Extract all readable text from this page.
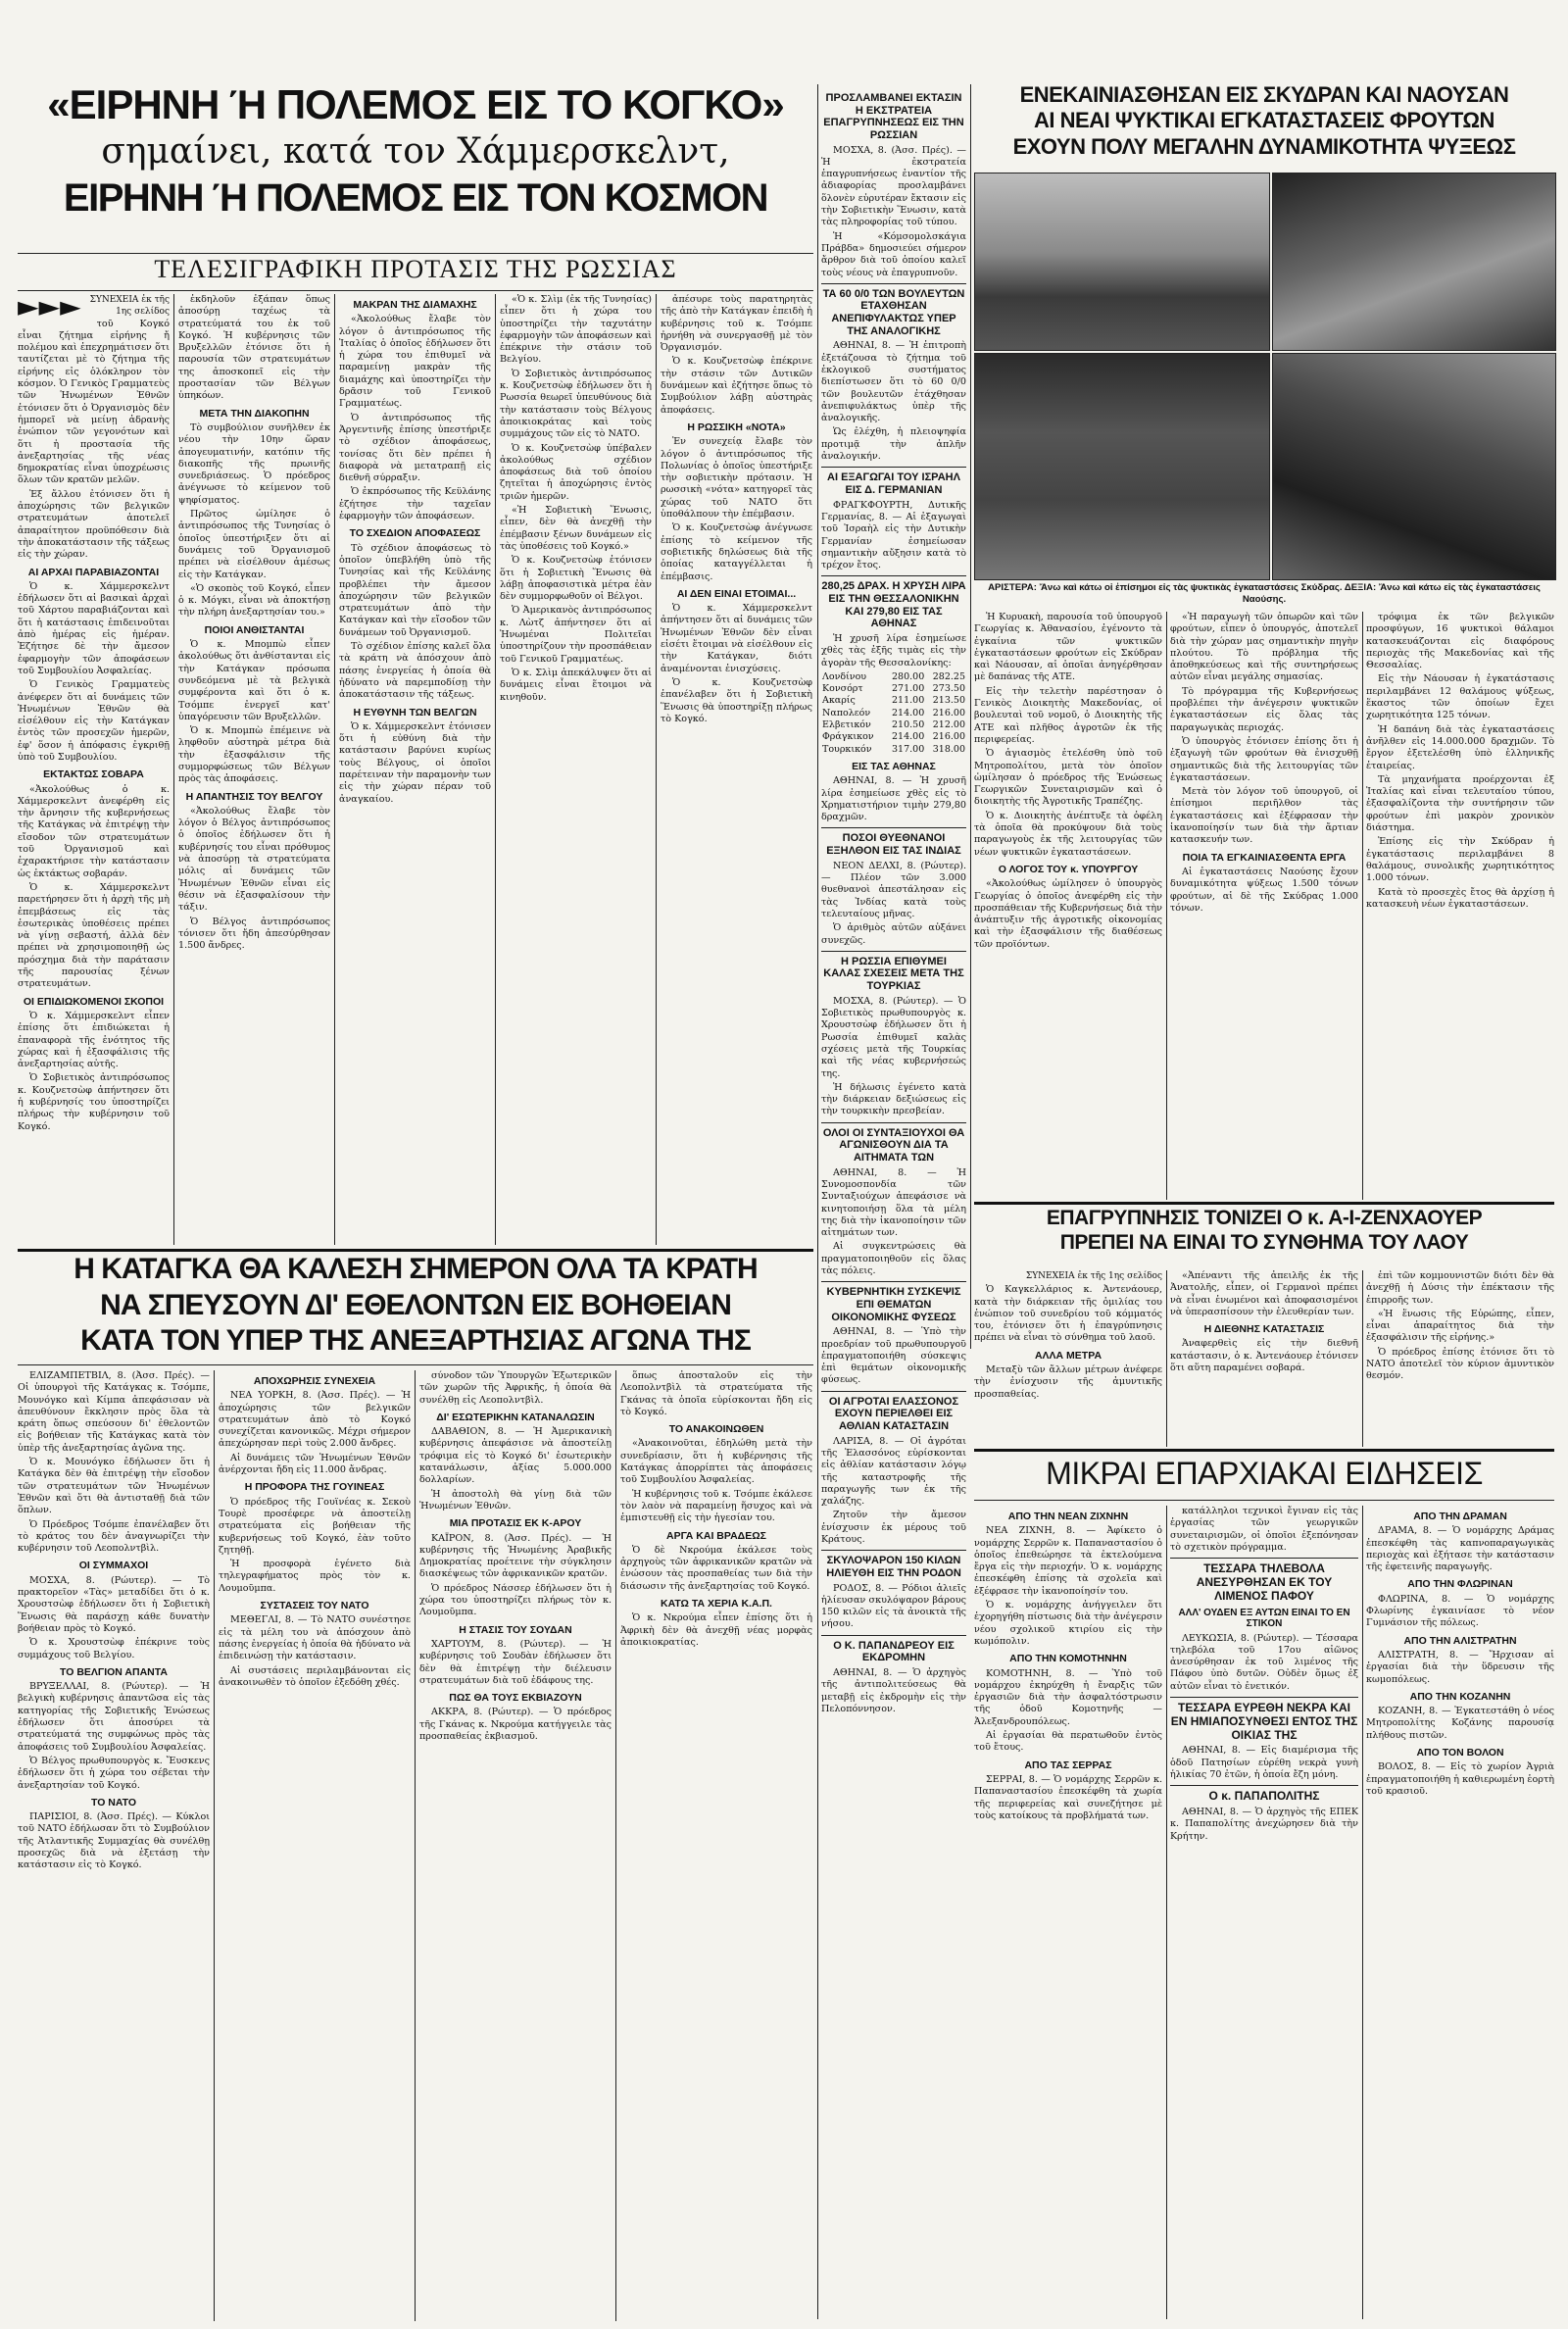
«ΕΙΡΗΝΗ Ή ΠΟΛΕΜΟΣ ΕΙΣ ΤΟ ΚΟΓΚΟ»
σημαίνει, κατά τον Χάμμερσκελντ,
ΕΙΡΗΝΗ Ή ΠΟΛΕΜΟΣ ΕΙΣ ΤΟΝ ΚΟΣΜΟΝ
ΤΕΛΕΣΙΓΡΑΦΙΚΗ ΠΡΟΤΑΣΙΣ ΤΗΣ ΡΩΣΣΙΑΣ
►►►	ΣΥΝΕΧΕΙΑ ἐκ τῆς 1ης σελίδος

τοῦ Κογκό εἶναι ζήτημα εἰρήνης ἤ πολέμου καὶ ἐπεχρημάτισεν ὅτι ταυτίζεται μὲ τὸ ζήτημα τῆς εἰρήνης εἰς ὁλόκληρον τὸν κόσμον. Ὁ Γενικὸς Γραμματεὺς τῶν Ἡνωμένων Ἐθνῶν ἐτόνισεν ὅτι ὁ Ὀργανισμὸς δὲν ἠμπορεῖ νὰ μείνῃ ἀδρανὴς ἐνώπιον τῶν γεγονότων καὶ ὅτι ἡ προστασία τῆς ἀνεξαρτησίας τῆς νέας δημοκρατίας εἶναι ὑποχρέωσις ὅλων τῶν κρατῶν μελῶν.

Ἐξ ἄλλου ἐτόνισεν ὅτι ἡ ἀποχώρησις τῶν βελγικῶν στρατευμάτων ἀποτελεῖ ἀπαραίτητον προϋπόθεσιν διὰ τὴν ἀποκατάστασιν τῆς τάξεως εἰς τὴν χώραν.

ΑΙ ΑΡΧΑΙ ΠΑΡΑΒΙΑΖΟΝΤΑΙ

Ὁ κ. Χάμμερσκελντ ἐδήλωσεν ὅτι αἱ βασικαὶ ἀρχαὶ τοῦ Χάρτου παραβιάζονται καὶ ὅτι ἡ κατάστασις ἐπιδεινοῦται ἀπὸ ἡμέρας εἰς ἡμέραν. Ἐζήτησε δὲ τὴν ἄμεσον ἐφαρμογὴν τῶν ἀποφάσεων τοῦ Συμβουλίου Ἀσφαλείας.

Ὁ Γενικὸς Γραμματεὺς ἀνέφερεν ὅτι αἱ δυνάμεις τῶν Ἡνωμένων Ἐθνῶν θὰ εἰσέλθουν εἰς τὴν Κατάγκαν ἐντὸς τῶν προσεχῶν ἡμερῶν, ἐφ' ὅσον ἡ ἀπόφασις ἐγκριθῇ ὑπὸ τοῦ Συμβουλίου.

ΕΚΤΑΚΤΩΣ ΣΟΒΑΡΑ

«Ἀκολούθως ὁ κ. Χάμμερσκελντ ἀνεφέρθη εἰς τὴν ἄρνησιν τῆς κυβερνήσεως τῆς Κατάγκας νὰ ἐπιτρέψῃ τὴν εἴσοδον τῶν στρατευμάτων τοῦ Ὀργανισμοῦ καὶ ἐχαρακτήρισε τὴν κατάστασιν ὡς ἐκτάκτως σοβαράν.

Ὁ κ. Χάμμερσκελντ παρετήρησεν ὅτι ἡ ἀρχὴ τῆς μὴ ἐπεμβάσεως εἰς τὰς ἐσωτερικὰς ὑποθέσεις πρέπει νὰ γίνῃ σεβαστή, ἀλλὰ δὲν πρέπει νὰ χρησιμοποιηθῇ ὡς πρόσχημα διὰ τὴν παράτασιν τῆς παρουσίας ξένων στρατευμάτων.

ΟΙ ΕΠΙΔΙΩΚΟΜΕΝΟΙ ΣΚΟΠΟΙ

Ὁ κ. Χάμμερσκελντ εἶπεν ἐπίσης ὅτι ἐπιδιώκεται ἡ ἐπαναφορὰ τῆς ἑνότητος τῆς χώρας καὶ ἡ ἐξασφάλισις τῆς ἀνεξαρτησίας αὐτῆς.

Ὁ Σοβιετικὸς ἀντιπρόσωπος κ. Κουζνετσὼφ ἀπήντησεν ὅτι ἡ κυβέρνησίς του ὑποστηρίζει πλήρως τὴν κυβέρνησιν τοῦ Κογκό.

ἐκδηλοῦν ἐξάπαν ὅπως ἀποσύρῃ ταχέως τὰ στρατεύματά του ἐκ τοῦ Κογκό. Ἡ κυβέρνησις τῶν Βρυξελλῶν ἐτόνισε ὅτι ἡ παρουσία τῶν στρατευμάτων της ἀποσκοπεῖ εἰς τὴν προστασίαν τῶν Βέλγων ὑπηκόων.

ΜΕΤΑ ΤΗΝ ΔΙΑΚΟΠΗΝ

Τὸ συμβούλιον συνῆλθεν ἐκ νέου τὴν 10ην ὥραν ἀπογευματινήν, κατόπιν τῆς διακοπῆς τῆς πρωινῆς συνεδριάσεως. Ὁ πρόεδρος ἀνέγνωσε τὸ κείμενον τοῦ ψηφίσματος.

Πρῶτος ὡμίλησε ὁ ἀντιπρόσωπος τῆς Τυνησίας ὁ ὁποῖος ὑπεστήριξεν ὅτι αἱ δυνάμεις τοῦ Ὀργανισμοῦ πρέπει νὰ εἰσέλθουν ἀμέσως εἰς τὴν Κατάγκαν.

«Ὁ σκοπὸς τοῦ Κογκό, εἶπεν ὁ κ. Μόγκι, εἶναι νὰ ἀποκτήσῃ τὴν πλήρη ἀνεξαρτησίαν του.»

ΠΟΙΟΙ ΑΝΘΙΣΤΑΝΤΑΙ

Ὁ κ. Μπομπὼ εἶπεν ἀκολούθως ὅτι ἀνθίστανται εἰς τὴν Κατάγκαν πρόσωπα συνδεόμενα μὲ τὰ βελγικὰ συμφέροντα καὶ ὅτι ὁ κ. Τσόμπε ἐνεργεῖ κατ' ὑπαγόρευσιν τῶν Βρυξελλῶν.

Ὁ κ. Μπομπὼ ἐπέμεινε νὰ ληφθοῦν αὐστηρὰ μέτρα διὰ τὴν ἐξασφάλισιν τῆς συμμορφώσεως τῶν Βέλγων πρὸς τὰς ἀποφάσεις.

Η ΑΠΑΝΤΗΣΙΣ ΤΟΥ ΒΕΛΓΟΥ

«Ἀκολούθως ἔλαβε τὸν λόγον ὁ Βέλγος ἀντιπρόσωπος ὁ ὁποῖος ἐδήλωσεν ὅτι ἡ κυβέρνησίς του εἶναι πρόθυμος νὰ ἀποσύρῃ τὰ στρατεύματα μόλις αἱ δυνάμεις τῶν Ἡνωμένων Ἐθνῶν εἶναι εἰς θέσιν νὰ ἐξασφαλίσουν τὴν τάξιν.

Ὁ Βέλγος ἀντιπρόσωπος τόνισεν ὅτι ἤδη ἀπεσύρθησαν 1.500 ἄνδρες.

ΜΑΚΡΑΝ ΤΗΣ ΔΙΑΜΑΧΗΣ

«Ἀκολούθως ἔλαβε τὸν λόγον ὁ ἀντιπρόσωπος τῆς Ἰταλίας ὁ ὁποῖος ἐδήλωσεν ὅτι ἡ χώρα του ἐπιθυμεῖ νὰ παραμείνῃ μακρὰν τῆς διαμάχης καὶ ὑποστηρίζει τὴν δρᾶσιν τοῦ Γενικοῦ Γραμματέως.

Ὁ ἀντιπρόσωπος τῆς Ἀργεντινῆς ἐπίσης ὑπεστήριξε τὸ σχέδιον ἀποφάσεως, τονίσας ὅτι δὲν πρέπει ἡ διαφορὰ νὰ μετατραπῇ εἰς διεθνῆ σύρραξιν.

Ὁ ἐκπρόσωπος τῆς Κεϋλάνης ἐζήτησε τὴν ταχεῖαν ἐφαρμογὴν τῶν ἀποφάσεων.

ΤΟ ΣΧΕΔΙΟΝ ΑΠΟΦΑΣΕΩΣ

Τὸ σχέδιον ἀποφάσεως τὸ ὁποῖον ὑπεβλήθη ὑπὸ τῆς Τυνησίας καὶ τῆς Κεϋλάνης προβλέπει τὴν ἄμεσον ἀποχώρησιν τῶν βελγικῶν στρατευμάτων ἀπὸ τὴν Κατάγκαν καὶ τὴν εἴσοδον τῶν δυνάμεων τοῦ Ὀργανισμοῦ.

Τὸ σχέδιον ἐπίσης καλεῖ ὅλα τὰ κράτη νὰ ἀπόσχουν ἀπὸ πάσης ἐνεργείας ἡ ὁποία θὰ ἠδύνατο νὰ παρεμποδίσῃ τὴν ἀποκατάστασιν τῆς τάξεως.

Η ΕΥΘΥΝΗ ΤΩΝ ΒΕΛΓΩΝ

Ὁ κ. Χάμμερσκελντ ἐτόνισεν ὅτι ἡ εὐθύνη διὰ τὴν κατάστασιν βαρύνει κυρίως τοὺς Βέλγους, οἱ ὁποῖοι παρέτειναν τὴν παραμονὴν των εἰς τὴν χώραν πέραν τοῦ ἀναγκαίου.

«Ὁ κ. Σλὶμ (ἐκ τῆς Τυνησίας) εἶπεν ὅτι ἡ χώρα του ὑποστηρίζει τὴν ταχυτάτην ἐφαρμογὴν τῶν ἀποφάσεων καὶ ἐπέκρινε τὴν στάσιν τοῦ Βελγίου.

Ὁ Σοβιετικὸς ἀντιπρόσωπος κ. Κουζνετσὼφ ἐδήλωσεν ὅτι ἡ Ρωσσία θεωρεῖ ὑπευθύνους διὰ τὴν κατάστασιν τοὺς Βέλγους ἀποικιοκράτας καὶ τοὺς συμμάχους τῶν εἰς τὸ ΝΑΤΟ.

Ὁ κ. Κουζνετσὼφ ὑπέβαλεν ἀκολούθως σχέδιον ἀποφάσεως διὰ τοῦ ὁποίου ζητεῖται ἡ ἀποχώρησις ἐντὸς τριῶν ἡμερῶν.

«Ἡ Σοβιετικὴ Ἕνωσις, εἶπεν, δὲν θὰ ἀνεχθῇ τὴν ἐπέμβασιν ξένων δυνάμεων εἰς τὰς ὑποθέσεις τοῦ Κογκό.»

Ὁ κ. Κουζνετσὼφ ἐτόνισεν ὅτι ἡ Σοβιετικὴ Ἕνωσις θὰ λάβῃ ἀποφασιστικὰ μέτρα ἐὰν δὲν συμμορφωθοῦν οἱ Βέλγοι.

Ὁ Ἀμερικανὸς ἀντιπρόσωπος κ. Λὼτζ ἀπήντησεν ὅτι αἱ Ἡνωμέναι Πολιτεῖαι ὑποστηρίζουν τὴν προσπάθειαν τοῦ Γενικοῦ Γραμματέως.

Ὁ κ. Σλὶμ ἀπεκάλυψεν ὅτι αἱ δυνάμεις εἶναι ἕτοιμοι νὰ κινηθοῦν.

ἀπέσυρε τοὺς παρατηρητὰς τῆς ἀπὸ τὴν Κατάγκαν ἐπειδὴ ἡ κυβέρνησις τοῦ κ. Τσόμπε ἠρνήθη νὰ συνεργασθῇ μὲ τὸν Ὀργανισμόν.

Ὁ κ. Κουζνετσὼφ ἐπέκρινε τὴν στάσιν τῶν Δυτικῶν δυνάμεων καὶ ἐζήτησε ὅπως τὸ Συμβούλιον λάβῃ αὐστηρὰς ἀποφάσεις.

Η ΡΩΣΣΙΚΗ «ΝΟΤΑ»

Ἐν συνεχείᾳ ἔλαβε τὸν λόγον ὁ ἀντιπρόσωπος τῆς Πολωνίας ὁ ὁποῖος ὑπεστήριξε τὴν σοβιετικὴν πρότασιν. Ἡ ρωσσικὴ «νότα» κατηγορεῖ τὰς χώρας τοῦ ΝΑΤΟ ὅτι ὑποθάλπουν τὴν ἐπέμβασιν.

Ὁ κ. Κουζνετσὼφ ἀνέγνωσε ἐπίσης τὸ κείμενον τῆς σοβιετικῆς δηλώσεως διὰ τῆς ὁποίας καταγγέλλεται ἡ ἐπέμβασις.

ΑΙ ΔΕΝ ΕΙΝΑΙ ΕΤΟΙΜΑΙ...

Ὁ κ. Χάμμερσκελντ ἀπήντησεν ὅτι αἱ δυνάμεις τῶν Ἡνωμένων Ἐθνῶν δὲν εἶναι εἰσέτι ἕτοιμαι νὰ εἰσέλθουν εἰς τὴν Κατάγκαν, διότι ἀναμένονται ἐνισχύσεις.

Ὁ κ. Κουζνετσὼφ ἐπανέλαβεν ὅτι ἡ Σοβιετικὴ Ἕνωσις θὰ ὑποστηρίξῃ πλήρως τὸ Κογκό.

ΠΡΟΣΛΑΜΒΑΝΕΙ ΕΚΤΑΣΙΝ Η ΕΚΣΤΡΑΤΕΙΑ ΕΠΑΓΡΥΠΝΗΣΕΩΣ ΕΙΣ ΤΗΝ ΡΩΣΣΙΑΝ

ΜΟΣΧΑ, 8. (Ἀσσ. Πρές). — Ἡ ἐκστρατεία ἐπαγρυπνήσεως ἐναντίον τῆς ἀδιαφορίας προσλαμβάνει ὅλονὲν εὐρυτέραν ἔκτασιν εἰς τὴν Σοβιετικὴν Ἕνωσιν, κατὰ τὰς πληροφορίας τοῦ τύπου.

Ἡ «Κόμσομολσκάγια Πράβδα» δημοσιεύει σήμερον ἄρθρον διὰ τοῦ ὁποίου καλεῖ τοὺς νέους νὰ ἐπαγρυπνοῦν.

ΤΑ 60 0/0 ΤΩΝ ΒΟΥΛΕΥΤΩΝ ΕΤΑΧΘΗΣΑΝ ΑΝΕΠΙΦΥΛΑΚΤΩΣ ΥΠΕΡ ΤΗΣ ΑΝΑΛΟΓΙΚΗΣ

ΑΘΗΝΑΙ, 8. — Ἡ ἐπιτροπὴ ἐξετάζουσα τὸ ζήτημα τοῦ ἐκλογικοῦ συστήματος διεπίστωσεν ὅτι τὸ 60 0/0 τῶν βουλευτῶν ἐτάχθησαν ἀνεπιφυλάκτως ὑπὲρ τῆς ἀναλογικῆς.

Ὡς ἐλέχθη, ἡ πλειοψηφία προτιμᾷ τὴν ἁπλῆν ἀναλογικήν.

ΑΙ ΕΞΑΓΩΓΑΙ ΤΟΥ ΙΣΡΑΗΛ ΕΙΣ Δ. ΓΕΡΜΑΝΙΑΝ

ΦΡΑΓΚΦΟΥΡΤΗ, Δυτικῆς Γερμανίας, 8. — Αἱ ἐξαγωγαὶ τοῦ Ἰσραὴλ εἰς τὴν Δυτικὴν Γερμανίαν ἐσημείωσαν σημαντικὴν αὔξησιν κατὰ τὸ τρέχον ἔτος.

280,25 ΔΡΑΧ. Η ΧΡΥΣΗ ΛΙΡΑ ΕΙΣ ΤΗΝ ΘΕΣΣΑΛΟΝΙΚΗΝ ΚΑΙ 279,80 ΕΙΣ ΤΑΣ ΑΘΗΝΑΣ

Ἡ χρυσῆ λίρα ἐσημείωσε χθὲς τὰς ἑξῆς τιμὰς εἰς τὴν ἀγορὰν τῆς Θεσσαλονίκης:

Λονδίνου	280.00	282.25
Κονσόρτ	271.00	273.50
Ακαρίς	211.00	213.50
Ναπολεόν	214.00	216.00
Ελβετικόν	210.50	212.00
Φράγκικον	214.00	216.00
Τουρκικόν	317.00	318.00
ΕΙΣ ΤΑΣ ΑΘΗΝΑΣ

ΑΘΗΝΑΙ, 8. — Ἡ χρυσῆ λίρα ἐσημείωσε χθὲς εἰς τὸ Χρηματιστήριον τιμὴν 279,80 δραχμῶν.

ΠΟΣΟΙ ΘΥΕΘΝΑΝΟΙ ΕΞΗΛΘΟΝ ΕΙΣ ΤΑΣ ΙΝΔΙΑΣ

ΝΕΟΝ ΔΕΛΧΙ, 8. (Ρώυτερ). — Πλέον τῶν 3.000 θυεθνανοὶ ἀπεστάλησαν εἰς τὰς Ἰνδίας κατὰ τοὺς τελευταίους μῆνας.

Ὁ ἀριθμὸς αὐτῶν αὐξάνει συνεχῶς.

Η ΡΩΣΣΙΑ ΕΠΙΘΥΜΕΙ ΚΑΛΑΣ ΣΧΕΣΕΙΣ ΜΕΤΑ ΤΗΣ ΤΟΥΡΚΙΑΣ

ΜΟΣΧΑ, 8. (Ρώυτερ). — Ὁ Σοβιετικὸς πρωθυπουργὸς κ. Χρουστσὼφ ἐδήλωσεν ὅτι ἡ Ρωσσία ἐπιθυμεῖ καλὰς σχέσεις μετὰ τῆς Τουρκίας καὶ τῆς νέας κυβερνήσεώς της.

Ἡ δήλωσις ἐγένετο κατὰ τὴν διάρκειαν δεξιώσεως εἰς τὴν τουρκικὴν πρεσβείαν.

ΟΛΟΙ ΟΙ ΣΥΝΤΑΞΙΟΥΧΟΙ ΘΑ ΑΓΩΝΙΣΘΟΥΝ ΔΙΑ ΤΑ ΑΙΤΗΜΑΤΑ ΤΩΝ

ΑΘΗΝΑΙ, 8. — Ἡ Συνομοσπονδία τῶν Συνταξιούχων ἀπεφάσισε νὰ κινητοποιήσῃ ὅλα τὰ μέλη της διὰ τὴν ἱκανοποίησιν τῶν αἰτημάτων των.

Αἱ συγκεντρώσεις θὰ πραγματοποιηθοῦν εἰς ὅλας τὰς πόλεις.

ΚΥΒΕΡΝΗΤΙΚΗ ΣΥΣΚΕΨΙΣ ΕΠΙ ΘΕΜΑΤΩΝ ΟΙΚΟΝΟΜΙΚΗΣ ΦΥΣΕΩΣ

ΑΘΗΝΑΙ, 8. — Ὑπὸ τὴν προεδρίαν τοῦ πρωθυπουργοῦ ἐπραγματοποιήθη σύσκεψις ἐπὶ θεμάτων οἰκονομικῆς φύσεως.

ΟΙ ΑΓΡΟΤΑΙ ΕΛΑΣΣΟΝΟΣ ΕΧΟΥΝ ΠΕΡΙΕΛΘΕΙ ΕΙΣ ΑΘΛΙΑΝ ΚΑΤΑΣΤΑΣΙΝ

ΛΑΡΙΣΑ, 8. — Οἱ ἀγρόται τῆς Ἐλασσόνος εὑρίσκονται εἰς ἀθλίαν κατάστασιν λόγῳ τῆς καταστροφῆς τῆς παραγωγῆς των ἐκ τῆς χαλάζης.

Ζητοῦν τὴν ἄμεσον ἐνίσχυσιν ἐκ μέρους τοῦ Κράτους.

ΣΚΥΛΟΨΑΡΟΝ 150 ΚΙΛΩΝ ΗΛΙΕΥΘΗ ΕΙΣ ΤΗΝ ΡΟΔΟΝ

ΡΟΔΟΣ, 8. — Ρόδιοι ἁλιεῖς ἡλίευσαν σκυλόψαρον βάρους 150 κιλῶν εἰς τὰ ἀνοικτὰ τῆς νήσου.

Ο Κ. ΠΑΠΑΝΔΡΕΟΥ ΕΙΣ ΕΚΔΡΟΜΗΝ

ΑΘΗΝΑΙ, 8. — Ὁ ἀρχηγὸς τῆς ἀντιπολιτεύσεως θὰ μεταβῇ εἰς ἐκδρομὴν εἰς τὴν Πελοπόννησον.

ΕΝΕΚΑΙΝΙΑΣΘΗΣΑΝ ΕΙΣ ΣΚΥΔΡΑΝ ΚΑΙ ΝΑΟΥΣΑΝ
ΑΙ ΝΕΑΙ ΨΥΚΤΙΚΑΙ ΕΓΚΑΤΑΣΤΑΣΕΙΣ ΦΡΟΥΤΩΝ
ΕΧΟΥΝ ΠΟΛΥ ΜΕΓΑΛΗΝ ΔΥΝΑΜΙΚΟΤΗΤΑ ΨΥΞΕΩΣ
ΑΡΙΣΤΕΡΑ: Ἄνω καὶ κάτω οἱ ἐπίσημοι εἰς τὰς ψυκτικὰς ἐγκαταστάσεις Σκύδρας. ΔΕΞΙΑ: Ἄνω καὶ κάτω εἰς τὰς ἐγκαταστάσεις Ναούσης.

Ἡ Κυρυακὴ, παρουσία τοῦ ὑπουργοῦ Γεωργίας κ. Ἀθανασίου, ἐγένοντο τὰ ἐγκαίνια τῶν ψυκτικῶν ἐγκαταστάσεων φρούτων εἰς Σκύδραν καὶ Νάουσαν, αἱ ὁποῖαι ἀνηγέρθησαν μὲ δαπάνας τῆς ΑΤΕ.

Εἰς τὴν τελετὴν παρέστησαν ὁ Γενικὸς Διοικητὴς Μακεδονίας, οἱ βουλευταὶ τοῦ νομοῦ, ὁ Διοικητὴς τῆς ΑΤΕ καὶ πλῆθος ἀγροτῶν ἐκ τῆς περιφερείας.

Ὁ ἁγιασμὸς ἐτελέσθη ὑπὸ τοῦ Μητροπολίτου, μετὰ τὸν ὁποῖον ὡμίλησαν ὁ πρόεδρος τῆς Ἑνώσεως Γεωργικῶν Συνεταιρισμῶν καὶ ὁ διοικητὴς τῆς Ἀγροτικῆς Τραπέζης.

Ὁ κ. Διοικητὴς ἀνέπτυξε τὰ ὀφέλη τὰ ὁποῖα θὰ προκύψουν διὰ τοὺς παραγωγοὺς ἐκ τῆς λειτουργίας τῶν νέων ψυκτικῶν ἐγκαταστάσεων.

Ο ΛΟΓΟΣ ΤΟΥ κ. ΥΠΟΥΡΓΟΥ

«Ἀκολούθως ὡμίλησεν ὁ ὑπουργὸς Γεωργίας ὁ ὁποῖος ἀνεφέρθη εἰς τὴν προσπάθειαν τῆς Κυβερνήσεως διὰ τὴν ἀνάπτυξιν τῆς ἀγροτικῆς οἰκονομίας καὶ τὴν ἐξασφάλισιν τῆς διαθέσεως τῶν προϊόντων.

«Ἡ παραγωγὴ τῶν ὀπωρῶν καὶ τῶν φρούτων, εἶπεν ὁ ὑπουργός, ἀποτελεῖ διὰ τὴν χώραν μας σημαντικὴν πηγὴν πλούτου. Τὸ πρόβλημα τῆς ἀποθηκεύσεως καὶ τῆς συντηρήσεως αὐτῶν εἶναι μεγάλης σημασίας.

Τὸ πρόγραμμα τῆς Κυβερνήσεως προβλέπει τὴν ἀνέγερσιν ψυκτικῶν ἐγκαταστάσεων εἰς ὅλας τὰς παραγωγικὰς περιοχάς.

Ὁ ὑπουργὸς ἐτόνισεν ἐπίσης ὅτι ἡ ἐξαγωγὴ τῶν φρούτων θὰ ἐνισχυθῇ σημαντικῶς διὰ τῆς λειτουργίας τῶν ἐγκαταστάσεων.

Μετὰ τὸν λόγον τοῦ ὑπουργοῦ, οἱ ἐπίσημοι περιῆλθον τὰς ἐγκαταστάσεις καὶ ἐξέφρασαν τὴν ἱκανοποίησίν των διὰ τὴν ἄρτιαν κατασκευήν των.

ΠΟΙΑ ΤΑ ΕΓΚΑΙΝΙΑΣΘΕΝΤΑ ΕΡΓΑ

Αἱ ἐγκαταστάσεις Ναούσης ἔχουν δυναμικότητα ψύξεως 1.500 τόνων φρούτων, αἱ δὲ τῆς Σκύδρας 1.000 τόνων.

τρόφιμα ἐκ τῶν βελγικῶν προσφύγων, 16 ψυκτικοὶ θάλαμοι κατασκευάζονται εἰς διαφόρους περιοχὰς τῆς Μακεδονίας καὶ τῆς Θεσσαλίας.

Εἰς τὴν Νάουσαν ἡ ἐγκατάστασις περιλαμβάνει 12 θαλάμους ψύξεως, ἕκαστος τῶν ὁποίων ἔχει χωρητικότητα 125 τόνων.

Ἡ δαπάνη διὰ τὰς ἐγκαταστάσεις ἀνῆλθεν εἰς 14.000.000 δραχμῶν. Τὸ ἔργον ἐξετελέσθη ὑπὸ ἑλληνικῆς ἐταιρείας.

Τὰ μηχανήματα προέρχονται ἐξ Ἰταλίας καὶ εἶναι τελευταίου τύπου, ἐξασφαλίζοντα τὴν συντήρησιν τῶν φρούτων ἐπὶ μακρὸν χρονικὸν διάστημα.

Ἐπίσης εἰς τὴν Σκύδραν ἡ ἐγκατάστασις περιλαμβάνει 8 θαλάμους, συνολικῆς χωρητικότητος 1.000 τόνων.

Κατὰ τὸ προσεχὲς ἔτος θὰ ἀρχίσῃ ἡ κατασκευὴ νέων ἐγκαταστάσεων.

ΕΠΑΓΡΥΠΝΗΣΙΣ ΤΟΝΙΖΕΙ Ο κ. Α-Ι-ΖΕΝΧΑΟΥΕΡ
ΠΡΕΠΕΙ ΝΑ ΕΙΝΑΙ ΤΟ ΣΥΝΘΗΜΑ ΤΟΥ ΛΑΟΥ

ΣΥΝΕΧΕΙΑ ἐκ τῆς 1ης σελίδος

Ὁ Καγκελλάριος κ. Ἀντενάουερ, κατὰ τὴν διάρκειαν τῆς ὁμιλίας του ἐνώπιον τοῦ συνεδρίου τοῦ κόμματός του, ἐτόνισεν ὅτι ἡ ἐπαγρύπνησις πρέπει νὰ εἶναι τὸ σύνθημα τοῦ λαοῦ.

ΑΛΛΑ ΜΕΤΡΑ

Μεταξὺ τῶν ἄλλων μέτρων ἀνέφερε τὴν ἐνίσχυσιν τῆς ἀμυντικῆς προσπαθείας.

«Ἀπέναντι τῆς ἀπειλῆς ἐκ τῆς Ἀνατολῆς, εἶπεν, οἱ Γερμανοὶ πρέπει νὰ εἶναι ἑνωμένοι καὶ ἀποφασισμένοι νὰ ὑπερασπίσουν τὴν ἐλευθερίαν των.

Η ΔΙΕΘΝΗΣ ΚΑΤΑΣΤΑΣΙΣ

Ἀναφερθεὶς εἰς τὴν διεθνῆ κατάστασιν, ὁ κ. Ἀντενάουερ ἐτόνισεν ὅτι αὕτη παραμένει σοβαρά.

ἐπὶ τῶν κομμουνιστῶν διότι δὲν θὰ ἀνεχθῇ ἡ Δύσις τὴν ἐπέκτασιν τῆς ἐπιρροῆς των.

«Ἡ ἕνωσις τῆς Εὐρώπης, εἶπεν, εἶναι ἀπαραίτητος διὰ τὴν ἐξασφάλισιν τῆς εἰρήνης.»

Ὁ πρόεδρος ἐπίσης ἐτόνισε ὅτι τὸ ΝΑΤΟ ἀποτελεῖ τὸν κύριον ἀμυντικὸν θεσμόν.

Η ΚΑΤΑΓΚΑ ΘΑ ΚΑΛΕΣΗ ΣΗΜΕΡΟΝ ΟΛΑ ΤΑ ΚΡΑΤΗ
ΝΑ ΣΠΕΥΣΟΥΝ ΔΙ' ΕΘΕΛΟΝΤΩΝ ΕΙΣ ΒΟΗΘΕΙΑΝ
ΚΑΤΑ ΤΟΝ ΥΠΕΡ ΤΗΣ ΑΝΕΞΑΡΤΗΣΙΑΣ ΑΓΩΝΑ ΤΗΣ

ΕΛΙΖΑΜΠΕΤΒΙΛ, 8. (Ἀσσ. Πρές). — Οἱ ὑπουργοὶ τῆς Κατάγκας κ. Τσόμπε, Μουνόγκο καὶ Κίμπα ἀπεφάσισαν νὰ ἀπευθύνουν ἔκκλησιν πρὸς ὅλα τὰ κράτη ὅπως σπεύσουν δι' ἐθελοντῶν εἰς βοήθειαν τῆς Κατάγκας κατὰ τὸν ὑπὲρ τῆς ἀνεξαρτησίας ἀγῶνα της.

Ὁ κ. Μουνόγκο ἐδήλωσεν ὅτι ἡ Κατάγκα δὲν θὰ ἐπιτρέψῃ τὴν εἴσοδον τῶν στρατευμάτων τῶν Ἡνωμένων Ἐθνῶν καὶ ὅτι θὰ ἀντισταθῇ διὰ τῶν ὅπλων.

Ὁ Πρόεδρος Τσόμπε ἐπανέλαβεν ὅτι τὸ κράτος του δὲν ἀναγνωρίζει τὴν κυβέρνησιν τοῦ Λεοπολντβὶλ.

ΟΙ ΣΥΜΜΑΧΟΙ

ΜΟΣΧΑ, 8. (Ρώυτερ). — Τὸ πρακτορεῖον «Τὰς» μεταδίδει ὅτι ὁ κ. Χρουστσὼφ ἐδήλωσεν ὅτι ἡ Σοβιετικὴ Ἕνωσις θὰ παράσχῃ κάθε δυνατὴν βοήθειαν πρὸς τὸ Κογκό.

Ὁ κ. Χρουστσὼφ ἐπέκρινε τοὺς συμμάχους τοῦ Βελγίου.

ΤΟ ΒΕΛΓΙΟΝ ΑΠΑΝΤΑ

ΒΡΥΞΕΛΛΑΙ, 8. (Ρώυτερ). — Ἡ βελγικὴ κυβέρνησις ἀπαντῶσα εἰς τὰς κατηγορίας τῆς Σοβιετικῆς Ἑνώσεως ἐδήλωσεν ὅτι ἀποσύρει τὰ στρατεύματά της συμφώνως πρὸς τὰς ἀποφάσεις τοῦ Συμβουλίου Ἀσφαλείας.

Ὁ Βέλγος πρωθυπουργὸς κ. Ἔυσκενς ἐδήλωσεν ὅτι ἡ χώρα του σέβεται τὴν ἀνεξαρτησίαν τοῦ Κογκό.

ΤΟ ΝΑΤΟ

ΠΑΡΙΣΙΟΙ, 8. (Ἀσσ. Πρές). — Κύκλοι τοῦ ΝΑΤΟ ἐδήλωσαν ὅτι τὸ Συμβούλιον τῆς Ἀτλαντικῆς Συμμαχίας θὰ συνέλθῃ προσεχῶς διὰ νὰ ἐξετάσῃ τὴν κατάστασιν εἰς τὸ Κογκό.

ΑΠΟΧΩΡΗΣΙΣ ΣΥΝΕΧΕΙΑ

ΝΕΑ ΥΟΡΚΗ, 8. (Ἀσσ. Πρές). — Ἡ ἀποχώρησις τῶν βελγικῶν στρατευμάτων ἀπὸ τὸ Κογκό συνεχίζεται κανονικῶς. Μέχρι σήμερον ἀπεχώρησαν περὶ τοὺς 2.000 ἄνδρες.

Αἱ δυνάμεις τῶν Ἡνωμένων Ἐθνῶν ἀνέρχονται ἤδη εἰς 11.000 ἄνδρας.

Η ΠΡΟΦΟΡΑ ΤΗΣ ΓΟΥΙΝΕΑΣ

Ὁ πρόεδρος τῆς Γουϊνέας κ. Σεκοὺ Τουρὲ προσέφερε νὰ ἀποστείλῃ στρατεύματα εἰς βοήθειαν τῆς κυβερνήσεως τοῦ Κογκό, ἐὰν τοῦτο ζητηθῇ.

Ἡ προσφορὰ ἐγένετο διὰ τηλεγραφήματος πρὸς τὸν κ. Λουμοῦμπα.

ΣΥΣΤΑΣΕΙΣ ΤΟΥ ΝΑΤΟ

ΜΕΘΕΓΛΙ, 8. — Τὸ ΝΑΤΟ συνέστησε εἰς τὰ μέλη του νὰ ἀπόσχουν ἀπὸ πάσης ἐνεργείας ἡ ὁποία θὰ ἠδύνατο νὰ ἐπιδεινώσῃ τὴν κατάστασιν.

Αἱ συστάσεις περιλαμβάνονται εἰς ἀνακοινωθὲν τὸ ὁποῖον ἐξεδόθη χθές.

σύνοδον τῶν Ὑπουργῶν Ἐξωτερικῶν τῶν χωρῶν τῆς Ἀφρικῆς, ἡ ὁποία θὰ συνέλθῃ εἰς Λεοπολντβὶλ.

ΔΙ' ΕΣΩΤΕΡΙΚΗΝ ΚΑΤΑΝΑΛΩΣΙΝ

ΔΑΒΑΘΙΟΝ, 8. — Ἡ Ἀμερικανικὴ κυβέρνησις ἀπεφάσισε νὰ ἀποστείλῃ τρόφιμα εἰς τὸ Κογκό δι' ἐσωτερικὴν κατανάλωσιν, ἀξίας 5.000.000 δολλαρίων.

Ἡ ἀποστολὴ θὰ γίνῃ διὰ τῶν Ἡνωμένων Ἐθνῶν.

ΜΙΑ ΠΡΟΤΑΣΙΣ ΕΚ Κ-ΑΡΟΥ

ΚΑΪΡΟΝ, 8. (Ἀσσ. Πρές). — Ἡ κυβέρνησις τῆς Ἡνωμένης Ἀραβικῆς Δημοκρατίας προέτεινε τὴν σύγκλησιν διασκέψεως τῶν ἀφρικανικῶν κρατῶν.

Ὁ πρόεδρος Νάσσερ ἐδήλωσεν ὅτι ἡ χώρα του ὑποστηρίζει πλήρως τὸν κ. Λουμοῦμπα.

Η ΣΤΑΣΙΣ ΤΟΥ ΣΟΥΔΑΝ

ΧΑΡΤΟΥΜ, 8. (Ρώυτερ). — Ἡ κυβέρνησις τοῦ Σουδὰν ἐδήλωσεν ὅτι δὲν θὰ ἐπιτρέψῃ τὴν διέλευσιν στρατευμάτων διὰ τοῦ ἐδάφους της.

ΠΩΣ ΘΑ ΤΟΥΣ ΕΚΒΙΑΖΟΥΝ

ΑΚΚΡΑ, 8. (Ρώυτερ). — Ὁ πρόεδρος τῆς Γκάνας κ. Νκρούμα κατήγγειλε τὰς προσπαθείας ἐκβιασμοῦ.

ὅπως ἀποσταλοῦν εἰς τὴν Λεοπολντβὶλ τὰ στρατεύματα τῆς Γκάνας τὰ ὁποῖα εὑρίσκονται ἤδη εἰς τὸ Κογκό.

ΤΟ ΑΝΑΚΟΙΝΩΘΕΝ

«Ἀνακοινοῦται, ἐδηλώθη μετὰ τὴν συνεδρίασιν, ὅτι ἡ κυβέρνησις τῆς Κατάγκας ἀπορρίπτει τὰς ἀποφάσεις τοῦ Συμβουλίου Ἀσφαλείας.

Ἡ κυβέρνησις τοῦ κ. Τσόμπε ἐκάλεσε τὸν λαὸν νὰ παραμείνῃ ἥσυχος καὶ νὰ ἐμπιστευθῇ εἰς τὴν ἡγεσίαν του.

ΑΡΓΑ ΚΑΙ ΒΡΑΔΕΩΣ

Ὁ δὲ Νκρούμα ἐκάλεσε τοὺς ἀρχηγοὺς τῶν ἀφρικανικῶν κρατῶν νὰ ἑνώσουν τὰς προσπαθείας των διὰ τὴν διάσωσιν τῆς ἀνεξαρτησίας τοῦ Κογκό.

ΚΑΤΩ ΤΑ ΧΕΡΙΑ Κ.Α.Π.

Ὁ κ. Νκρούμα εἶπεν ἐπίσης ὅτι ἡ Ἀφρικὴ δὲν θὰ ἀνεχθῇ νέας μορφὰς ἀποικιοκρατίας.

ΜΙΚΡΑΙ ΕΠΑΡΧΙΑΚΑΙ ΕΙΔΗΣΕΙΣ
ΑΠΟ ΤΗΝ ΝΕΑΝ ΖΙΧΝΗΝ

ΝΕΑ ΖΙΧΝΗ, 8. — Ἀφίκετο ὁ νομάρχης Σερρῶν κ. Παπαναστασίου ὁ ὁποῖος ἐπεθεώρησε τὰ ἐκτελούμενα ἔργα εἰς τὴν περιοχήν. Ὁ κ. νομάρχης ἐπεσκέφθη ἐπίσης τὰ σχολεῖα καὶ ἐξέφρασε τὴν ἱκανοποίησίν του.

Ὁ κ. νομάρχης ἀνήγγειλεν ὅτι ἐχορηγήθη πίστωσις διὰ τὴν ἀνέγερσιν νέου σχολικοῦ κτιρίου εἰς τὴν κωμόπολιν.

ΑΠΟ ΤΗΝ ΚΟΜΟΤΗΝΗΝ

ΚΟΜΟΤΗΝΗ, 8. — Ὑπὸ τοῦ νομάρχου ἐκηρύχθη ἡ ἔναρξις τῶν ἐργασιῶν διὰ τὴν ἀσφαλτόστρωσιν τῆς ὁδοῦ Κομοτηνῆς — Ἀλεξανδρουπόλεως.

Αἱ ἐργασίαι θὰ περατωθοῦν ἐντὸς τοῦ ἔτους.

ΑΠΟ ΤΑΣ ΣΕΡΡΑΣ

ΣΕΡΡΑΙ, 8. — Ὁ νομάρχης Σερρῶν κ. Παπαναστασίου ἐπεσκέφθη τὰ χωρία τῆς περιφερείας καὶ συνεζήτησε μὲ τοὺς κατοίκους τὰ προβλήματά των.

κατάλληλοι τεχνικοὶ ἔγιναν εἰς τὰς ἐργασίας τῶν γεωργικῶν συνεταιρισμῶν, οἱ ὁποῖοι ἐξεπόνησαν τὸ σχετικὸν πρόγραμμα.

ΤΕΣΣΑΡΑ ΤΗΛΕΒΟΛΑ ΑΝΕΣΥΡΘΗΣΑΝ ΕΚ ΤΟΥ ΛΙΜΕΝΟΣ ΠΑΦΟΥ
ΑΛΛ' ΟΥΔΕΝ ΕΞ ΑΥΤΩΝ ΕΙΝΑΙ ΤΟ ΕΝ ΣΤΙΚΟΝ

ΛΕΥΚΩΣΙΑ, 8. (Ρώυτερ). — Τέσσαρα τηλεβόλα τοῦ 17ου αἰῶνος ἀνεσύρθησαν ἐκ τοῦ λιμένος τῆς Πάφου ὑπὸ δυτῶν. Οὐδὲν ὅμως ἐξ αὐτῶν εἶναι τὸ ἐνετικόν.

ΤΕΣΣΑΡΑ ΕΥΡΕΘΗ ΝΕΚΡΑ ΚΑΙ ΕΝ ΗΜΙΑΠΟΣΥΝΘΕΣΙ ΕΝΤΟΣ ΤΗΣ ΟΙΚΙΑΣ ΤΗΣ

ΑΘΗΝΑΙ, 8. — Εἰς διαμέρισμα τῆς ὁδοῦ Πατησίων εὑρέθη νεκρὰ γυνὴ ἡλικίας 70 ἐτῶν, ἡ ὁποία ἔζη μόνη.

Ο κ. ΠΑΠΑΠΟΛΙΤΗΣ

ΑΘΗΝΑΙ, 8. — Ὁ ἀρχηγὸς τῆς ΕΠΕΚ κ. Παπαπολίτης ἀνεχώρησεν διὰ τὴν Κρήτην.

ΑΠΟ ΤΗΝ ΔΡΑΜΑΝ

ΔΡΑΜΑ, 8. — Ὁ νομάρχης Δράμας ἐπεσκέφθη τὰς καπνοπαραγωγικὰς περιοχὰς καὶ ἐξήτασε τὴν κατάστασιν τῆς ἐφετεινῆς παραγωγῆς.

ΑΠΟ ΤΗΝ ΦΛΩΡΙΝΑΝ

ΦΛΩΡΙΝΑ, 8. — Ὁ νομάρχης Φλωρίνης ἐγκαινίασε τὸ νέον Γυμνάσιον τῆς πόλεως.

ΑΠΟ ΤΗΝ ΑΛΙΣΤΡΑΤΗΝ

ΑΛΙΣΤΡΑΤΗ, 8. — Ἤρχισαν αἱ ἐργασίαι διὰ τὴν ὕδρευσιν τῆς κωμοπόλεως.

ΑΠΟ ΤΗΝ ΚΟΖΑΝΗΝ

ΚΟΖΑΝΗ, 8. — Ἐγκατεστάθη ὁ νέος Μητροπολίτης Κοζάνης παρουσίᾳ πλήθους πιστῶν.

ΑΠΟ ΤΟΝ ΒΟΛΟΝ

ΒΟΛΟΣ, 8. — Εἰς τὸ χωρίον Ἀγριὰ ἐπραγματοποιήθη ἡ καθιερωμένη ἑορτὴ τοῦ κρασιοῦ.
